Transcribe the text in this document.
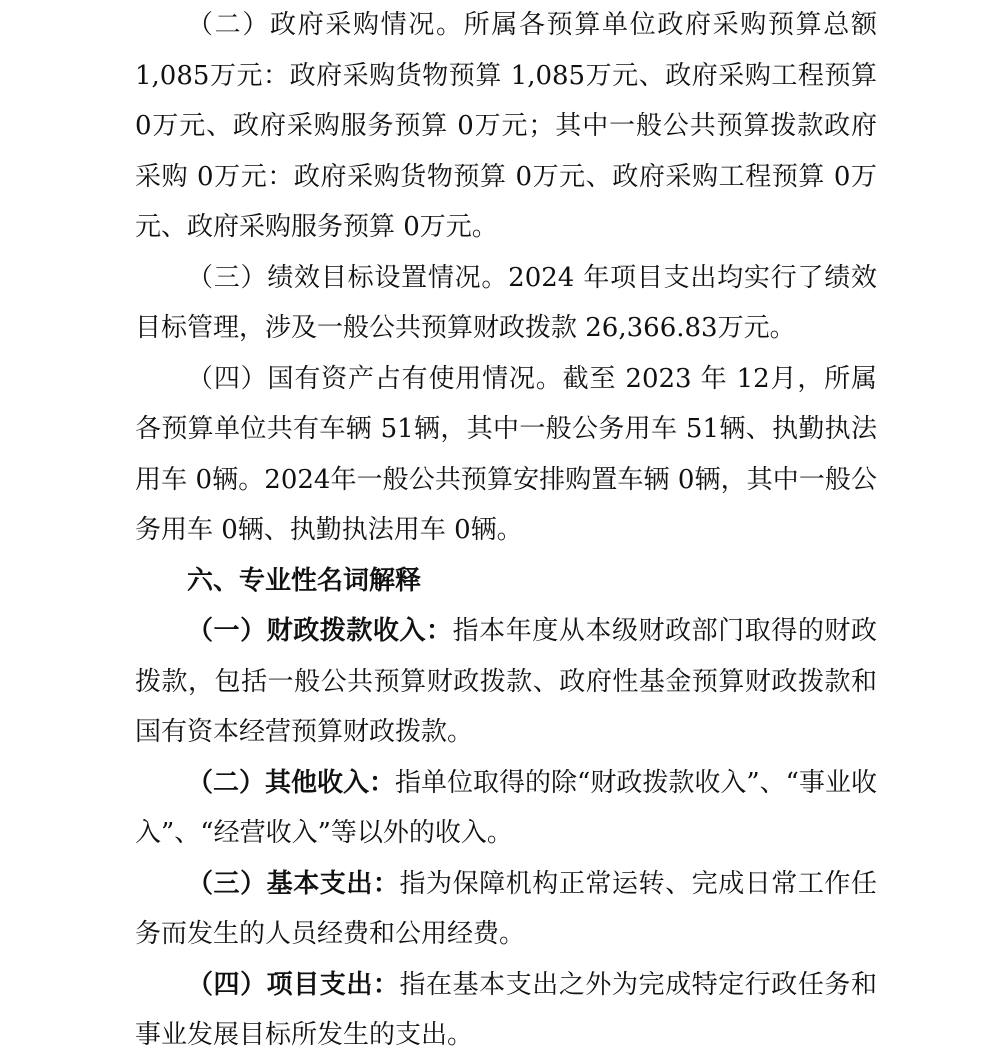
（二）政府采购情况。所属各预算单位政府采购预算总额1,085万元：政府采购货物预算 1,085万元、政府采购工程预算 0万元、政府采购服务预算 0万元；其中一般公共预算拨款政府采购 0万元：政府采购货物预算 0万元、政府采购工程预算 0万元、政府采购服务预算 0万元。

（三）绩效目标设置情况。2024 年项目支出均实行了绩效目标管理，涉及一般公共预算财政拨款 26,366.83万元。

（四）国有资产占有使用情况。截至 2023 年 12月，所属各预算单位共有车辆 51辆，其中一般公务用车 51辆、执勤执法用车 0辆。2024年一般公共预算安排购置车辆 0辆，其中一般公务用车 0辆、执勤执法用车 0辆。

六、专业性名词解释

（一）财政拨款收入：指本年度从本级财政部门取得的财政拨款，包括一般公共预算财政拨款、政府性基金预算财政拨款和国有资本经营预算财政拨款。

（二）其他收入：指单位取得的除“财政拨款收入”、“事业收入”、“经营收入”等以外的收入。

（三）基本支出：指为保障机构正常运转、完成日常工作任务而发生的人员经费和公用经费。

（四）项目支出：指在基本支出之外为完成特定行政任务和事业发展目标所发生的支出。
